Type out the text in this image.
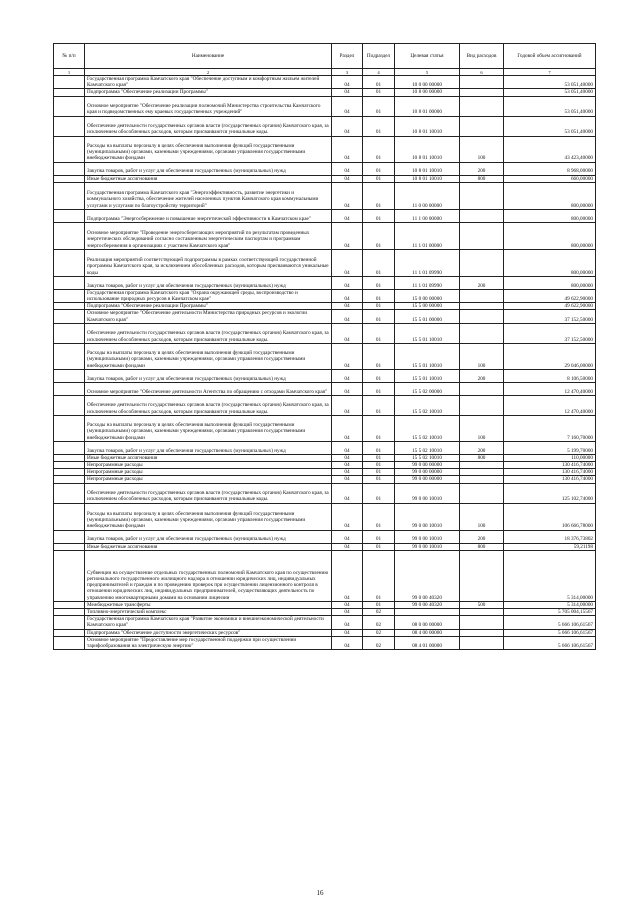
№ п/п	Наименование	Раздел	Подраздел	Целевая статья	Вид расходов	Годовой объем ассигнований
1	2	3	4	5	6	7
	Государственная программа Камчатского края "Обеспечение доступным и комфортным жильем жителей Камчатского края"	04	01	10 0 00 00000		53 051,40000
	Подпрограмма "Обеспечение реализации Программы"	04	01	10 8 00 00000		53 051,40000
	Основное мероприятие "Обеспечение реализации полномочий Министерства строительства Камчатского края и подведомственных ему краевых государственных учреждений"	04	01	10 8 01 00000		53 051,40000
	Обеспечение деятельности государственных органов власти (государственных органов) Камчатского края, за исключением обособленных расходов, которым присваиваются уникальные коды.	04	01	10 8 01 10010		53 051,40000
	Расходы на выплаты персоналу в целях обеспечения выполнения функций государственными (муниципальными) органами, казенными учреждениями, органами управления государственными внебюджетными фондами	04	01	10 8 01 10010	100	43 423,40000
	Закупка товаров, работ и услуг для обеспечения государственных (муниципальных) нужд	04	01	10 8 01 10010	200	8 968,00000
	Иные бюджетные ассигнования	04	01	10 8 01 10010	800	660,00000
	Государственная программа Камчатского края "Энергоэффективность, развитие энергетики и коммунального хозяйства, обеспечение жителей населенных пунктов Камчатского края коммунальными услугами и услугами по благоустройству территорий"	04	01	11 0 00 00000		800,00000
	Подпрограмма "Энергосбережение и повышение энергетической эффективности в Камчатском крае"	04	01	11 1 00 00000		800,00000
	Основное мероприятие "Проведение энергосберегающих мероприятий по результатам проведенных энергетических обследований согласно составленным энергетическим паспортам и программам энергосбережения в организациях с участием Камчатского края"	04	01	11 1 01 00000		800,00000
	Реализация мероприятий соответствующей подпрограммы в рамках соответствующей государственной программы Камчатского края, за исключением обособленных расходов, которым присваиваются уникальные коды	04	01	11 1 01 09990		800,00000
	Закупка товаров, работ и услуг для обеспечения государственных (муниципальных) нужд	04	01	11 1 01 09990	200	800,00000
	Государственная программа Камчатского края "Охрана окружающей среды, воспроизводство и использование природных ресурсов в Камчатском крае"	04	01	15 0 00 00000		49 622,90000
	Подпрограмма "Обеспечение реализации Программы"	04	01	15 5 00 00000		49 622,90000
	Основное мероприятие "Обеспечение деятельности Министерства природных ресурсов и экологии Камчатского края"	04	01	15 5 01 00000		37 152,50000
	Обеспечение деятельности государственных органов власти (государственных органов) Камчатского края, за исключением обособленных расходов, которым присваиваются уникальные коды.	04	01	15 5 01 10010		37 152,50000
	Расходы на выплаты персоналу в целях обеспечения выполнения функций государственными (муниципальными) органами, казенными учреждениями, органами управления государственными внебюджетными фондами	04	01	15 5 01 10010	100	29 046,00000
	Закупка товаров, работ и услуг для обеспечения государственных (муниципальных) нужд	04	01	15 5 01 10010	200	8 106,50000
	Основное мероприятие "Обеспечение деятельности Агентства по обращению с отходами Камчатского края"	04	01	15 5 02 00000		12 470,40000
	Обеспечение деятельности государственных органов власти (государственных органов) Камчатского края, за исключением обособленных расходов, которым присваиваются уникальные коды.	04	01	15 5 02 10010		12 470,40000
	Расходы на выплаты персоналу в целях обеспечения выполнения функций государственными (муниципальными) органами, казенными учреждениями, органами управления государственными внебюджетными фондами	04	01	15 5 02 10010	100	7 160,70000
	Закупка товаров, работ и услуг для обеспечения государственных (муниципальных) нужд	04	01	15 5 02 10010	200	5 199,70000
	Иные бюджетные ассигнования	04	01	15 5 02 10010	800	110,00000
	Непрограммные расходы	04	01	99 0 00 00000		130 416,74000
	Непрограммные расходы	04	01	99 0 00 00000		130 416,74000
	Непрограммные расходы	04	01	99 0 00 00000		130 416,74000
	Обеспечение деятельности государственных органов власти (государственных органов) Камчатского края, за исключением обособленных расходов, которым присваиваются уникальные коды.	04	01	99 0 00 10010		125 102,74000
	Расходы на выплаты персоналу в целях обеспечения выполнения функций государственными (муниципальными) органами, казенными учреждениями, органами управления государственными внебюджетными фондами	04	01	99 0 00 10010	100	106 666,78000
	Закупка товаров, работ и услуг для обеспечения государственных (муниципальных) нужд	04	01	99 0 00 10010	200	18 376,73802
	Иные бюджетные ассигнования	04	01	99 0 00 10010	800	59,21198
	Субвенции на осуществление отдельных государственных полномочий Камчатского края по осуществлению регионального государственного жилищного надзора в отношении юридических лиц, индивидуальных предпринимателей и граждан и по проведению проверок при осуществлении лицензионного контроля в отношении юридических лиц, индивидуальных предпринимателей, осуществляющих деятельность по управлению многоквартирными домами на основании лицензии	04	01	99 0 00 40320		5 314,00000
	Межбюджетные трансферты	04	01	99 0 00 40320	500	5 314,00000
	Топливно-энергетический комплекс	04	02			5 705 004,15567
	Государственная программа Камчатского края "Развитие экономики и внешнеэкономической деятельности Камчатского края"	04	02	08 0 00 00000		5 666 106,61567
	Подпрограмма "Обеспечение доступности энергетических ресурсов"	04	02	08 4 00 00000		5 666 106,61567
	Основное мероприятие "Предоставление мер государственной поддержки при осуществлении тарифообразования на электрическую энергию"	04	02	08 4 01 00000		5 666 106,61567
16
